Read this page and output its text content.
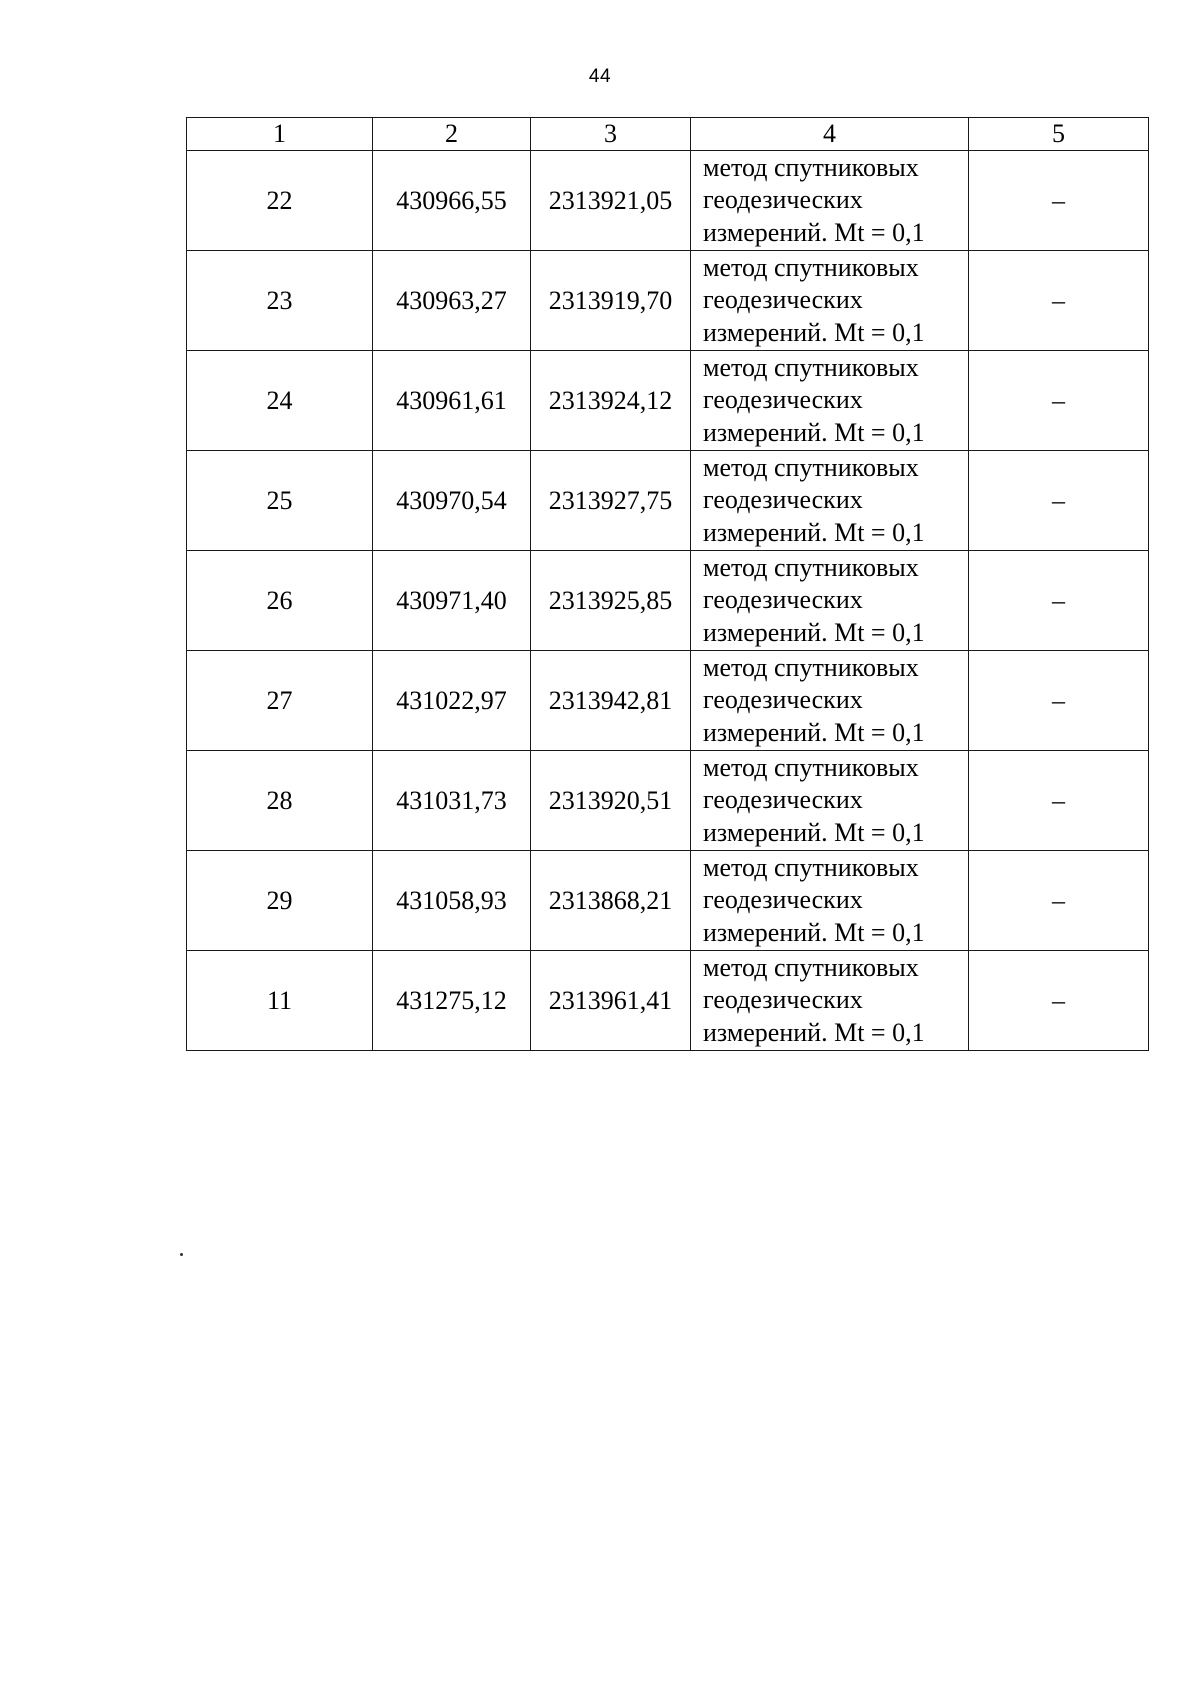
44
1	2	3	4	5
22	430966,55	2313921,05	метод спутниковых
геодезических
измерений. Mt = 0,1	–
23	430963,27	2313919,70	метод спутниковых
геодезических
измерений. Mt = 0,1	–
24	430961,61	2313924,12	метод спутниковых
геодезических
измерений. Mt = 0,1	–
25	430970,54	2313927,75	метод спутниковых
геодезических
измерений. Mt = 0,1	–
26	430971,40	2313925,85	метод спутниковых
геодезических
измерений. Mt = 0,1	–
27	431022,97	2313942,81	метод спутниковых
геодезических
измерений. Mt = 0,1	–
28	431031,73	2313920,51	метод спутниковых
геодезических
измерений. Mt = 0,1	–
29	431058,93	2313868,21	метод спутниковых
геодезических
измерений. Mt = 0,1	–
11	431275,12	2313961,41	метод спутниковых
геодезических
измерений. Mt = 0,1	–
